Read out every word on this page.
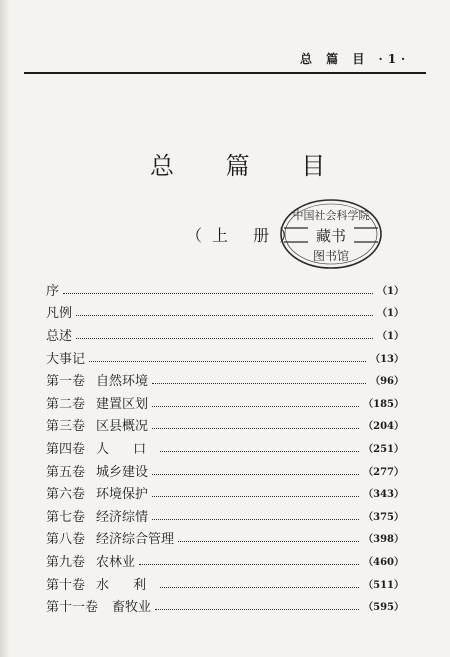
总 篇 目 ·1·
总 篇 目
（上 册）
中国社会科学院
藏书
图书馆
序	（1）
凡例	（1）
总述	（1）
大事记	（13）
第一卷 自然环境	（96）
第二卷 建置区划	（185）
第三卷 区县概况	（204）
第四卷 人 口	（251）
第五卷 城乡建设	（277）
第六卷 环境保护	（343）
第七卷 经济综情	（375）
第八卷 经济综合管理	（398）
第九卷 农林业	（460）
第十卷 水 利	（511）
第十一卷	畜牧业	（595）
